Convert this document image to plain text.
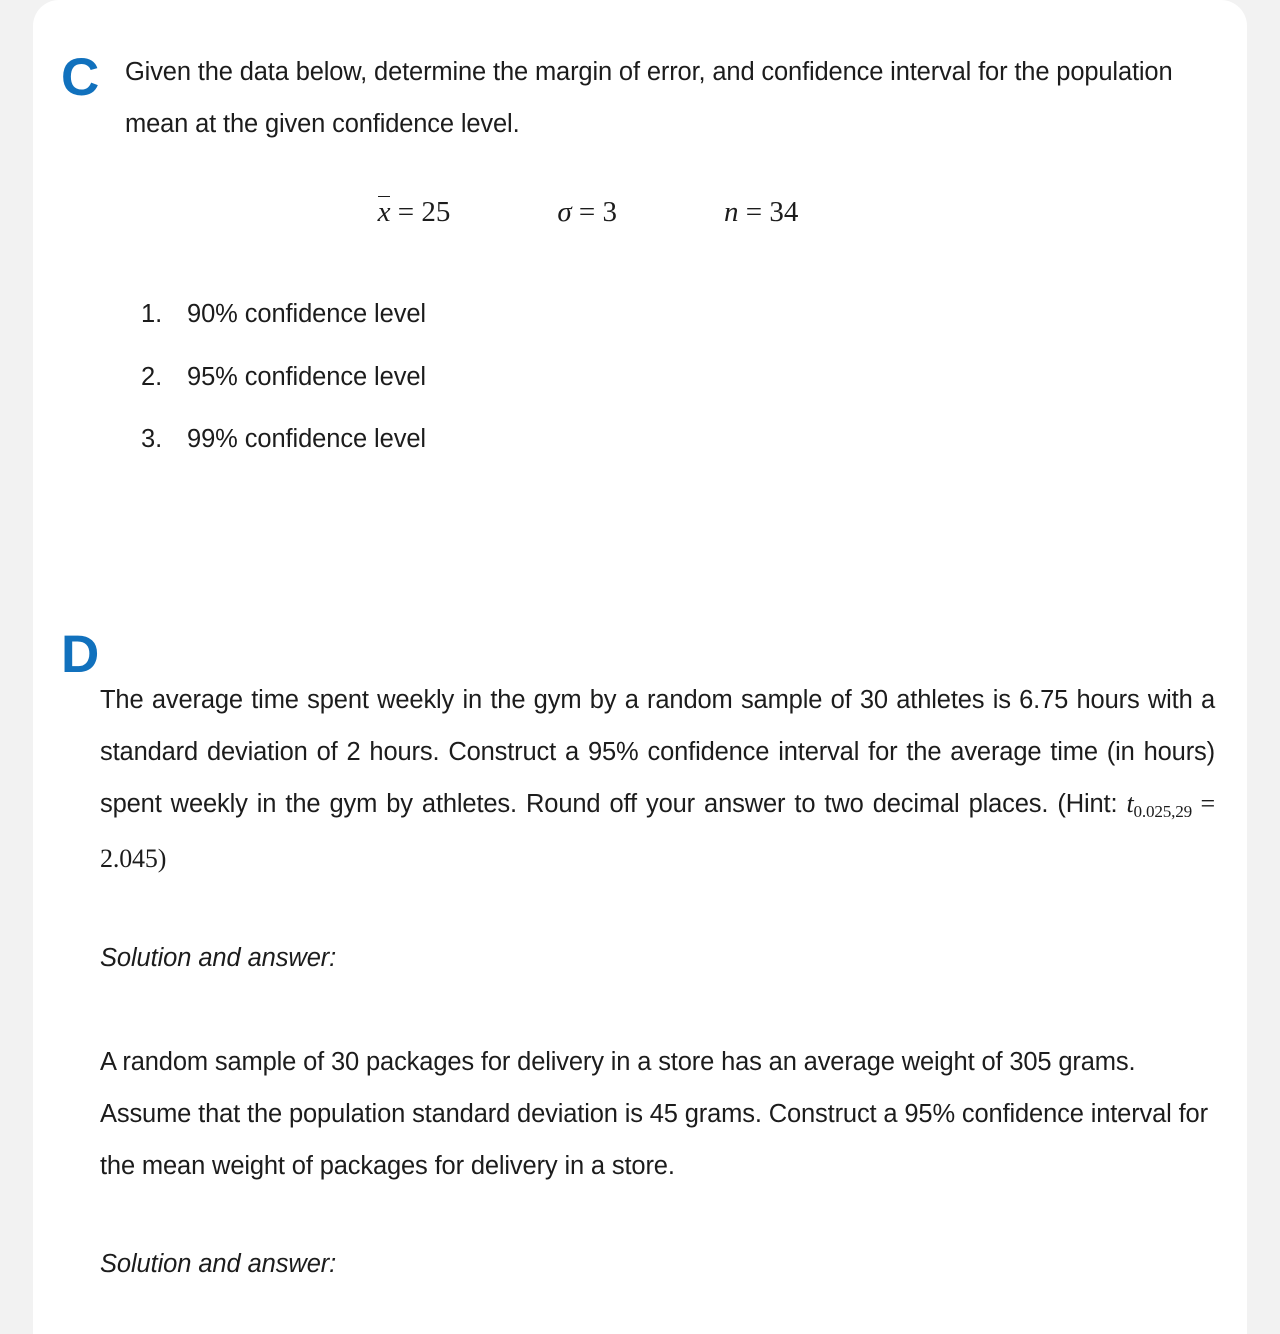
C Given the data below, determine the margin of error, and confidence interval for the population mean at the given confidence level.
x = 25	σ = 3	n = 34
1. 90% confidence level
2. 95% confidence level
3. 99% confidence level
D
The average time spent weekly in the gym by a random sample of 30 athletes is 6.75 hours with a standard deviation of 2 hours. Construct a 95% confidence interval for the average time (in hours) spent weekly in the gym by athletes. Round off your answer to two decimal places. (Hint: $t_{0.025,29} = 2.045$)
Solution and answer:
A random sample of 30 packages for delivery in a store has an average weight of 305 grams. Assume that the population standard deviation is 45 grams. Construct a 95% confidence interval for the mean weight of packages for delivery in a store.
Solution and answer:
